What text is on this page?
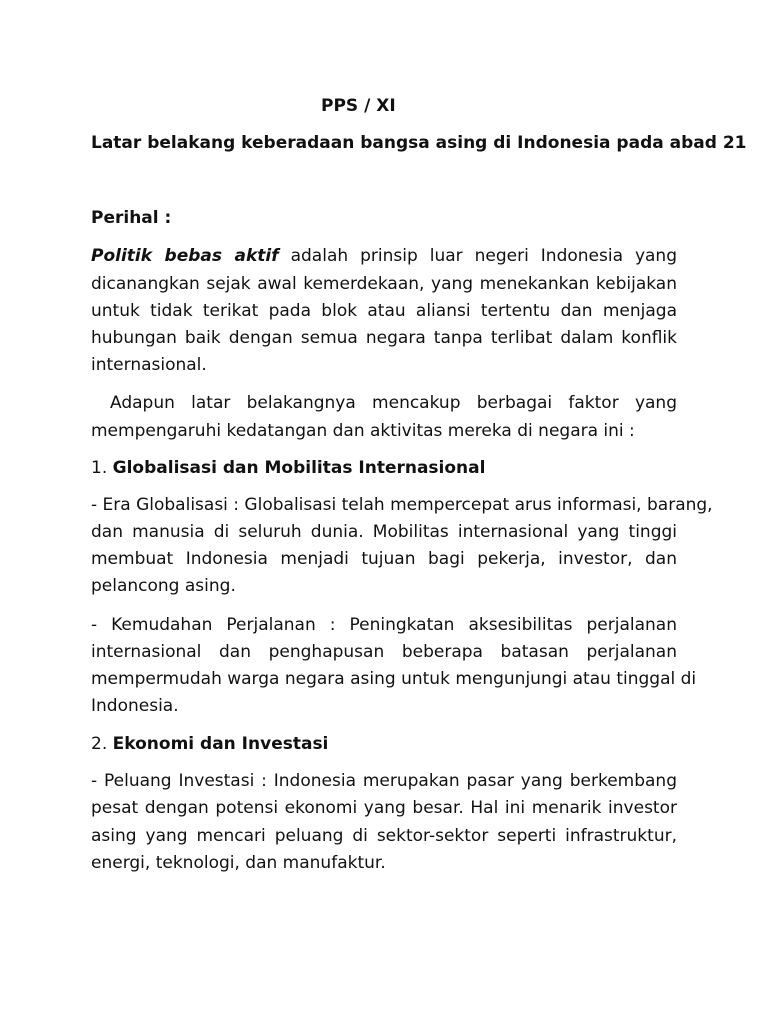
PPS / XI
Latar belakang keberadaan bangsa asing di Indonesia pada abad 21
Perihal :
Politik bebas aktif adalah prinsip luar negeri Indonesia yang
dicanangkan sejak awal kemerdekaan, yang menekankan kebijakan
untuk tidak terikat pada blok atau aliansi tertentu dan menjaga
hubungan baik dengan semua negara tanpa terlibat dalam konflik
internasional.
Adapun latar belakangnya mencakup berbagai faktor yang
mempengaruhi kedatangan dan aktivitas mereka di negara ini :
1. Globalisasi dan Mobilitas Internasional
- Era Globalisasi : Globalisasi telah mempercepat arus informasi, barang,
dan manusia di seluruh dunia. Mobilitas internasional yang tinggi
membuat Indonesia menjadi tujuan bagi pekerja, investor, dan
pelancong asing.
- Kemudahan Perjalanan : Peningkatan aksesibilitas perjalanan
internasional dan penghapusan beberapa batasan perjalanan
mempermudah warga negara asing untuk mengunjungi atau tinggal di
Indonesia.
2. Ekonomi dan Investasi
- Peluang Investasi : Indonesia merupakan pasar yang berkembang
pesat dengan potensi ekonomi yang besar. Hal ini menarik investor
asing yang mencari peluang di sektor-sektor seperti infrastruktur,
energi, teknologi, dan manufaktur.
